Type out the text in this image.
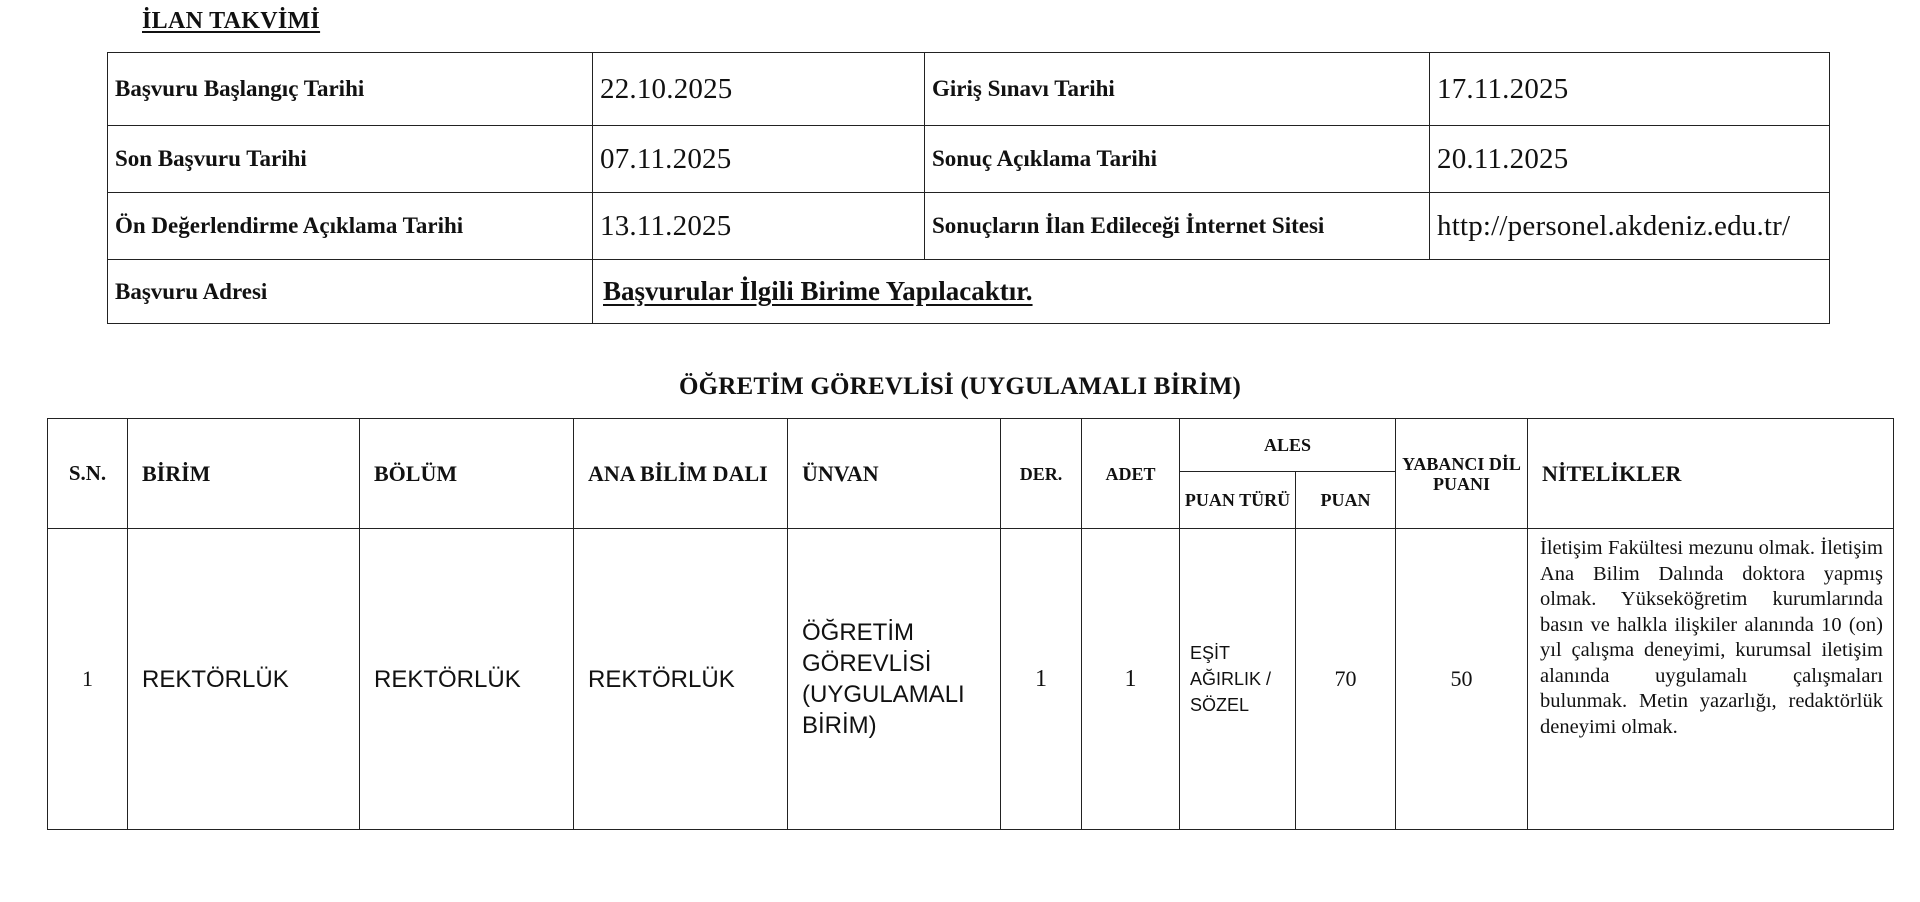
İLAN TAKVİMİ
Başvuru Başlangıç Tarihi	22.10.2025	Giriş Sınavı Tarihi	17.11.2025
Son Başvuru Tarihi	07.11.2025	Sonuç Açıklama Tarihi	20.11.2025
Ön Değerlendirme Açıklama Tarihi	13.11.2025	Sonuçların İlan Edileceği İnternet Sitesi	http://personel.akdeniz.edu.tr/
Başvuru Adresi	Başvurular İlgili Birime Yapılacaktır.		
ÖĞRETİM GÖREVLİSİ (UYGULAMALI BİRİM)
S.N.	BİRİM	BÖLÜM	ANA BİLİM DALI	ÜNVAN	DER.	ADET	ALES		YABANCI DİL PUANI	NİTELİKLER
							PUAN TÜRÜ	PUAN		
1	REKTÖRLÜK	REKTÖRLÜK	REKTÖRLÜK	ÖĞRETİM GÖREVLİSİ (UYGULAMALI BİRİM)	1	1	EŞİT AĞIRLIK / SÖZEL	70	50	İletişim Fakültesi mezunu olmak. İletişim Ana Bilim Dalında doktora yapmış olmak. Yükseköğretim kurumlarında basın ve halkla ilişkiler alanında 10 (on) yıl çalışma deneyimi, kurumsal iletişim alanında uygulamalı çalışmaları bulunmak. Metin yazarlığı, redaktörlük deneyimi olmak.
